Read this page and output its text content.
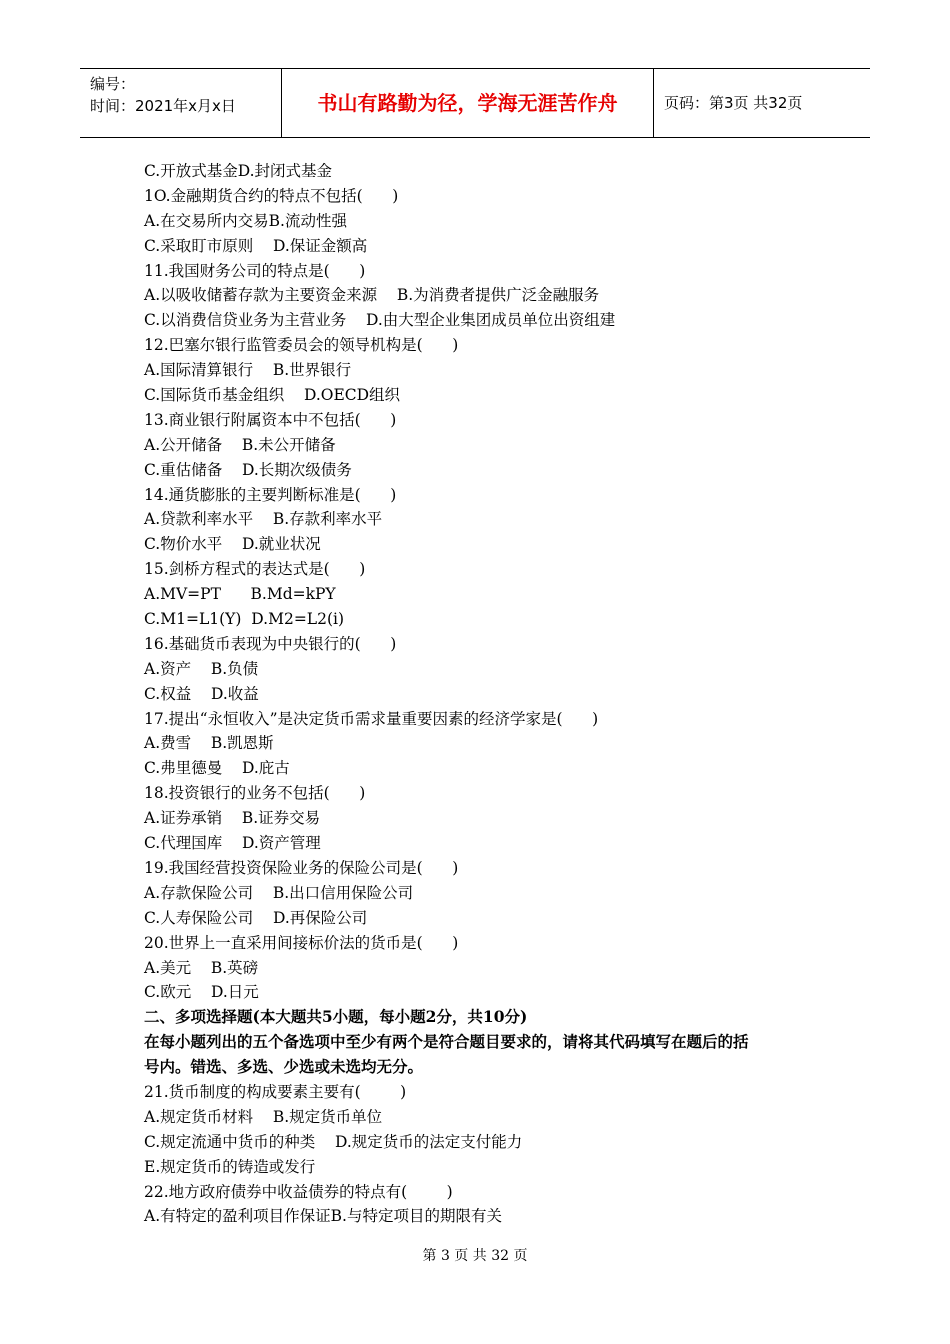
编号：
时间：2021年x月x日	书山有路勤为径，学海无涯苦作舟	页码：第3页 共32页
C.开放式基金D.封闭式基金
1O.金融期货合约的特点不包括(      )
A.在交易所内交易B.流动性强
C.采取盯市原则    D.保证金额高
11.我国财务公司的特点是(      )
A.以吸收储蓄存款为主要资金来源    B.为消费者提供广泛金融服务
C.以消费信贷业务为主营业务    D.由大型企业集团成员单位出资组建
12.巴塞尔银行监管委员会的领导机构是(      )
A.国际清算银行    B.世界银行
C.国际货币基金组织    D.OECD组织
13.商业银行附属资本中不包括(      )
A.公开储备    B.未公开储备
C.重估储备    D.长期次级债务
14.通货膨胀的主要判断标准是(      )
A.贷款利率水平    B.存款利率水平
C.物价水平    D.就业状况
15.剑桥方程式的表达式是(      )
A.MV=PT      B.Md=kPY
C.M1=L1(Y)  D.M2=L2(i)
16.基础货币表现为中央银行的(      )
A.资产    B.负债
C.权益    D.收益
17.提出“永恒收入”是决定货币需求量重要因素的经济学家是(      )
A.费雪    B.凯恩斯
C.弗里德曼    D.庇古
18.投资银行的业务不包括(      )
A.证券承销    B.证券交易
C.代理国库    D.资产管理
19.我国经营投资保险业务的保险公司是(      )
A.存款保险公司    B.出口信用保险公司
C.人寿保险公司    D.再保险公司
20.世界上一直采用间接标价法的货币是(      )
A.美元    B.英磅
C.欧元    D.日元
二、多项选择题(本大题共5小题，每小题2分，共10分)
在每小题列出的五个备选项中至少有两个是符合题目要求的，请将其代码填写在题后的括
号内。错选、多选、少选或未选均无分。
21.货币制度的构成要素主要有(        )
A.规定货币材料    B.规定货币单位
C.规定流通中货币的种类    D.规定货币的法定支付能力
E.规定货币的铸造或发行
22.地方政府债券中收益债券的特点有(        )
A.有特定的盈利项目作保证B.与特定项目的期限有关
第 3 页 共 32 页
